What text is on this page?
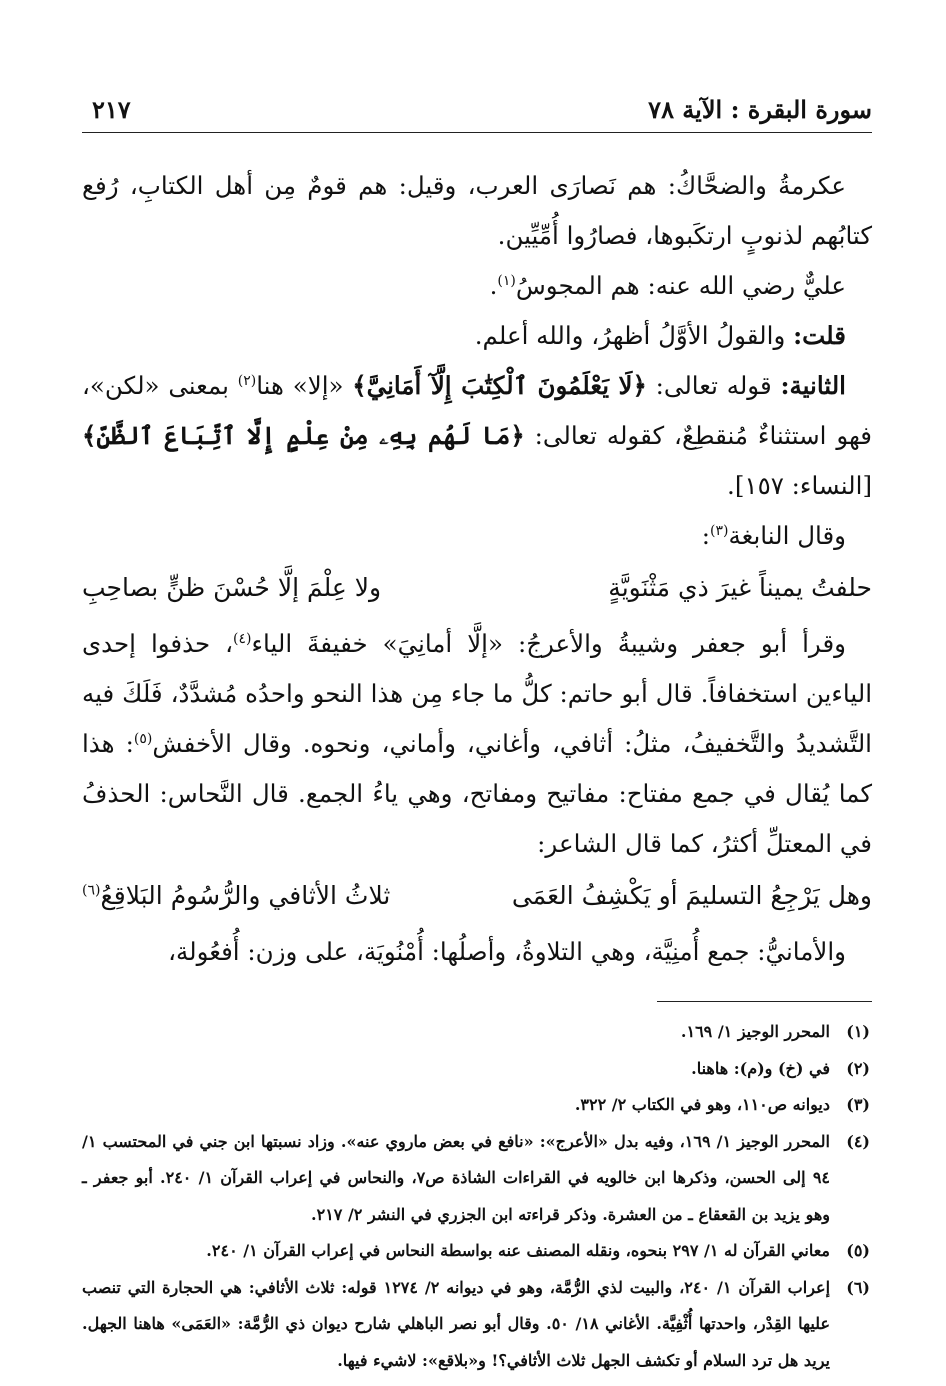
سورة البقرة : الآية ٧٨
٢١٧

عكرمةُ والضحَّاكُ: هم نَصارَى العرب، وقيل: هم قومٌ مِن أهل الكتابِ، رُفع كتابُهم لذنوبٍ ارتكَبوها، فصارُوا أُمِّيِّين.

عليٌّ رضي الله عنه: هم المجوسُ$^{(١)}$.

قلت: والقولُ الأوَّلُ أظهرُ، والله أعلم.

الثانية: قوله تعالى: ﴿لَا يَعْلَمُونَ ٱلْكِتَٰبَ إِلَّآ أَمَانِيَّ﴾ «إلا» هنا$^{(٢)}$ بمعنى «لكن»، فهو استثناءٌ مُنقطِعٌ، كقوله تعالى: ﴿مَا لَهُم بِهِۦ مِنْ عِلْمٍ إِلَّا ٱتِّبَاعَ ٱلظَّنِّ﴾ [النساء: ١٥٧].

وقال النابغة$^{(٣)}$:

حلفتُ يميناً غيرَ ذي مَثْنَويَّةٍ
ولا عِلْمَ إلَّا حُسْنَ ظنٍّ بصاحِبِ

وقرأ أبو جعفر وشيبةُ والأعرجُ: «إلَّا أمانِيَ» خفيفةَ الياء$^{(٤)}$، حذفوا إحدى الياءين استخفافاً. قال أبو حاتم: كلُّ ما جاء مِن هذا النحو واحدُه مُشدَّدٌ، فَلَكَ فيه التَّشديدُ والتَّخفيفُ، مثلُ: أثافي، وأغاني، وأماني، ونحوه. وقال الأخفش$^{(٥)}$: هذا كما يُقال في جمع مفتاح: مفاتيح ومفاتح، وهي ياءُ الجمع. قال النَّحاس: الحذفُ في المعتلِّ أكثرُ، كما قال الشاعر:

وهل يَرْجِعُ التسليمَ أو يَكْشِفُ العَمَى
ثلاثُ الأثافي والرُّسُومُ البَلاقِعُ$^{(٦)}$

والأمانيُّ: جمع أُمنِيَّة، وهي التلاوةُ، وأصلُها: أُمْنُويَة، على وزن: أُفعُولة،

(١)
المحرر الوجيز ١/ ١٦٩.
(٢)
في (خ) و(م): هاهنا.
(٣)
ديوانه ص١١٠، وهو في الكتاب ٢/ ٣٢٢.
(٤)
المحرر الوجيز ١/ ١٦٩، وفيه بدل «الأعرج»: «نافع في بعض ماروي عنه». وزاد نسبتها ابن جني في المحتسب ١/ ٩٤ إلى الحسن، وذكرها ابن خالويه في القراءات الشاذة ص٧، والنحاس في إعراب القرآن ١/ ٢٤٠. أبو جعفر ـ وهو يزيد بن القعقاع ـ من العشرة. وذكر قراءته ابن الجزري في النشر ٢/ ٢١٧.
(٥)
معاني القرآن له ١/ ٢٩٧ بنحوه، ونقله المصنف عنه بواسطة النحاس في إعراب القرآن ١/ ٢٤٠.
(٦)
إعراب القرآن ١/ ٢٤٠، والبيت لذي الرُّمَّة، وهو في ديوانه ٢/ ١٢٧٤ قوله: ثلاث الأثافي: هي الحجارة التي تنصب عليها القِدْر، واحدتها أُثْفِيَّة. الأغاني ١٨/ ٥٠. وقال أبو نصر الباهلي شارح ديوان ذي الرُّمَّة: «العَمَى» هاهنا الجهل. يريد هل ترد السلام أو تكشف الجهل ثلاث الأثافي؟! و«بلاقع»: لاشيء فيها.
